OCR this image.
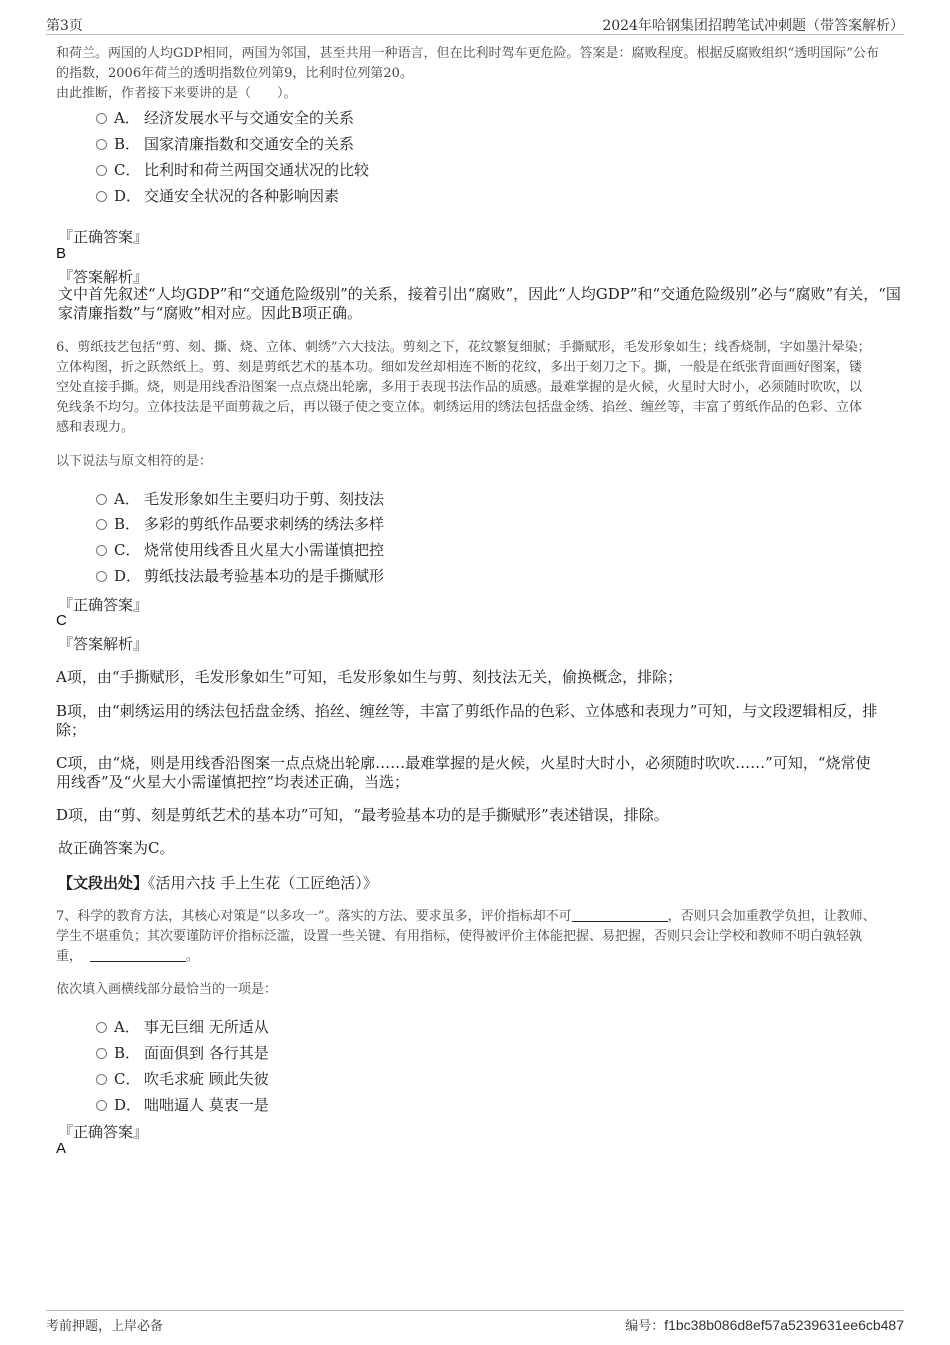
第3页	2024年哈钢集团招聘笔试冲刺题（带答案解析）
和荷兰。两国的人均GDP相同，两国为邻国，甚至共用一种语言，但在比利时驾车更危险。答案是：腐败程度。根据反腐败组织“透明国际”公布
的指数，2006年荷兰的透明指数位列第9，比利时位列第20。
由此推断，作者接下来要讲的是（　　）。
A． 经济发展水平与交通安全的关系
B． 国家清廉指数和交通安全的关系
C． 比利时和荷兰两国交通状况的比较
D． 交通安全状况的各种影响因素
『正确答案』
B
『答案解析』
文中首先叙述“人均GDP”和“交通危险级别”的关系，接着引出“腐败”，因此“人均GDP”和“交通危险级别”必与“腐败”有关，“国
家清廉指数”与“腐败”相对应。因此B项正确。
6、剪纸技艺包括“剪、刻、撕、烧、立体、刺绣”六大技法。剪刻之下，花纹繁复细腻；手撕赋形，毛发形象如生；线香烧制，字如墨汁晕染；
立体构图，折之跃然纸上。剪、刻是剪纸艺术的基本功。细如发丝却相连不断的花纹，多出于刻刀之下。撕，一般是在纸张背面画好图案，镂
空处直接手撕。烧，则是用线香沿图案一点点烧出轮廓，多用于表现书法作品的质感。最难掌握的是火候，火星时大时小，必须随时吹吹，以
免线条不均匀。立体技法是平面剪裁之后，再以镊子使之变立体。刺绣运用的绣法包括盘金绣、掐丝、缠丝等，丰富了剪纸作品的色彩、立体
感和表现力。
以下说法与原文相符的是：
A． 毛发形象如生主要归功于剪、刻技法
B． 多彩的剪纸作品要求刺绣的绣法多样
C． 烧常使用线香且火星大小需谨慎把控
D． 剪纸技法最考验基本功的是手撕赋形
『正确答案』
C
『答案解析』
A项，由“手撕赋形，毛发形象如生”可知，毛发形象如生与剪、刻技法无关，偷换概念，排除；
B项，由“刺绣运用的绣法包括盘金绣、掐丝、缠丝等，丰富了剪纸作品的色彩、立体感和表现力”可知，与文段逻辑相反，排
除；
C项，由“烧，则是用线香沿图案一点点烧出轮廓……最难掌握的是火候，火星时大时小，必须随时吹吹……”可知，“烧常使
用线香”及“火星大小需谨慎把控”均表述正确，当选；
D项，由“剪、刻是剪纸艺术的基本功”可知，“最考验基本功的是手撕赋形”表述错误，排除。
故正确答案为C。
【文段出处】《活用六技 手上生花（工匠绝活）》
7、科学的教育方法，其核心对策是“以多攻一”。落实的方法、要求虽多，评价指标却不可	，否则只会加重教学负担，让教师、
学生不堪重负；其次要谨防评价指标泛滥，设置一些关键、有用指标，使得被评价主体能把握、易把握，否则只会让学校和教师不明白孰轻孰
重，	。
依次填入画横线部分最恰当的一项是：
A． 事无巨细 无所适从
B． 面面俱到 各行其是
C． 吹毛求疵 顾此失彼
D． 咄咄逼人 莫衷一是
『正确答案』
A
考前押题，上岸必备	编号：f1bc38b086d8ef57a5239631ee6cb487
